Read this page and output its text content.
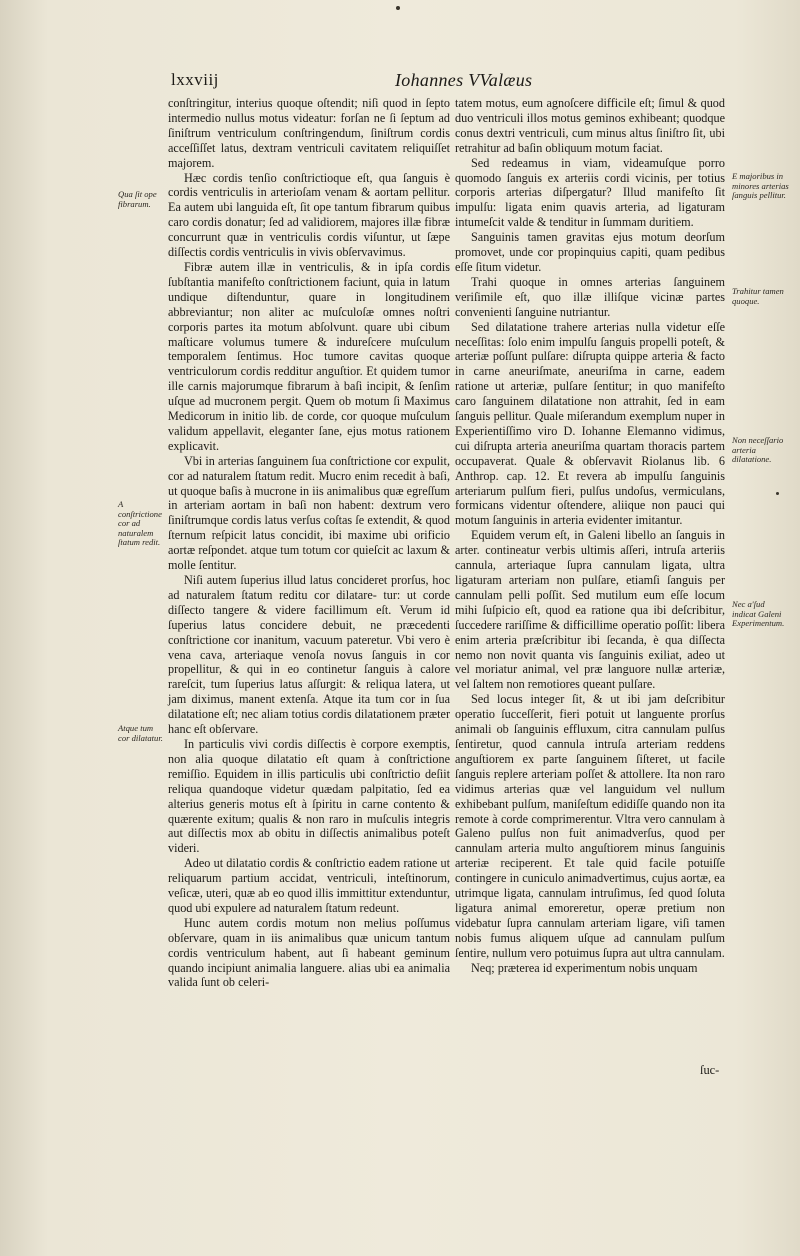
lxxviij	Iohannes VValæus
Qua ſit ope fibrarum.
A conſtrictione cor ad naturalem ſtatum redit.
Atque tum cor dilatatur.

conſtringitur, interius quoque oſtendit; niſi quod in ſepto intermedio nullus motus videatur: forſan ne ſi ſeptum ad ſiniſtrum ventriculum conſtringendum, ſiniſtrum cordis acceſſiſſet latus, dextram ventriculi cavitatem reliquiſſet majorem.

Hæc cordis tenſio conſtrictioque eſt, qua ſanguis è cordis ventriculis in arterioſam venam & aortam pellitur. Ea autem ubi languida eſt, ſit ope tantum fibrarum quibus caro cordis donatur; ſed ad validiorem, majores illæ fibræ concurrunt quæ in ventriculis cordis viſuntur, ut ſæpe diſſectis cordis ventriculis in vivis obſervavimus.

Fibræ autem illæ in ventriculis, & in ipſa cordis ſubſtantia manifeſto conſtrictionem faciunt, quia in latum undique diſtenduntur, quare in longitudinem abbreviantur; non aliter ac muſculoſæ omnes noſtri corporis partes ita motum abſolvunt. quare ubi cibum maſticare volumus tumere & indureſcere muſculum temporalem ſentimus. Hoc tumore cavitas quoque ventriculorum cordis redditur anguſtior. Et quidem tumor ille carnis majorumque fibrarum à baſi incipit, & ſenſim uſque ad mucronem pergit. Quem ob motum ſi Maximus Medicorum in initio lib. de corde, cor quoque muſculum validum appellavit, eleganter ſane, ejus motus rationem explicavit.

Vbi in arterias ſanguinem ſua conſtrictione cor expulit, cor ad naturalem ſtatum redit. Mucro enim recedit à baſi, ut quoque baſis à mucrone in iis animalibus quæ egreſſum in arteriam aortam in baſi non habent: dextrum vero ſiniſtrumque cordis latus verſus coſtas ſe extendit, & quod ſternum reſpicit latus concidit, ibi maxime ubi orificio aortæ reſpondet. atque tum totum cor quieſcit ac laxum & molle ſentitur.

Niſi autem ſuperius illud latus concideret prorſus, hoc ad naturalem ſtatum reditu cor dilatare- tur: ut corde diſſecto tangere & videre facillimum eſt. Verum id ſuperius latus concidere debuit, ne præcedenti conſtrictione cor inanitum, vacuum pateretur. Vbi vero è vena cava, arteriaque venoſa novus ſanguis in cor propellitur, & qui in eo continetur ſanguis à calore rareſcit, tum ſuperius latus aſſurgit: & reliqua latera, ut jam diximus, manent extenſa. Atque ita tum cor in ſua dilatatione eſt; nec aliam totius cordis dilatationem præter hanc eſt obſervare.

In particulis vivi cordis diſſectis è corpore exemptis, non alia quoque dilatatio eſt quam à conſtrictione remiſſio. Equidem in illis particulis ubi conſtrictio deſiit reliqua quandoque videtur quædam palpitatio, ſed ea alterius generis motus eſt à ſpiritu in carne contento & quærente exitum; qualis & non raro in muſculis integris aut diſſectis mox ab obitu in diſſectis animalibus poteſt videri.

Adeo ut dilatatio cordis & conſtrictio eadem ratione ut reliquarum partium accidat, ventriculi, inteſtinorum, veſicæ, uteri, quæ ab eo quod illis immittitur extenduntur, quod ubi expulere ad naturalem ſtatum redeunt.

Hunc autem cordis motum non melius poſſumus obſervare, quam in iis animalibus quæ unicum tantum cordis ventriculum habent, aut ſi habeant geminum quando incipiunt animalia languere. alias ubi ea animalia valida ſunt ob celeri-

tatem motus, eum agnoſcere difficile eſt; ſimul & quod duo ventriculi illos motus geminos exhibeant; quodque conus dextri ventriculi, cum minus altus ſiniſtro ſit, ubi retrahitur ad baſin obliquum motum faciat.

Sed redeamus in viam, videamuſque porro quomodo ſanguis ex arteriis cordi vicinis, per totius corporis arterias diſpergatur? Illud manifeſto ſit impulſu: ligata enim quavis arteria, ad ligaturam intumeſcit valde & tenditur in ſummam duritiem.

Sanguinis tamen gravitas ejus motum deorſum promovet, unde cor propinquius capiti, quam pedibus eſſe ſitum videtur.

Trahi quoque in omnes arterias ſanguinem veriſimile eſt, quo illæ illiſque vicinæ partes convenienti ſanguine nutriantur.

Sed dilatatione trahere arterias nulla videtur eſſe neceſſitas: ſolo enim impulſu ſanguis propelli poteſt, & arteriæ poſſunt pulſare: diſrupta quippe arteria & facto in carne aneuriſmate, aneuriſma in carne, eadem ratione ut arteriæ, pulſare ſentitur; in quo manifeſto caro ſanguinem dilatatione non attrahit, ſed in eam ſanguis pellitur. Quale miſerandum exemplum nuper in Experientiſſimo viro D. Iohanne Elemanno vidimus, cui diſrupta arteria aneuriſma quartam thoracis partem occupaverat. Quale & obſervavit Riolanus lib. 6 Anthrop. cap. 12. Et revera ab impulſu ſanguinis arteriarum pulſum fieri, pulſus undoſus, vermiculans, formicans videntur oſtendere, aliique non pauci qui motum ſanguinis in arteria evidenter imitantur.

Equidem verum eſt, in Galeni libello an ſanguis in arter. contineatur verbis ultimis aſſeri, intruſa arteriis cannula, arteriaque ſupra cannulam ligata, ultra ligaturam arteriam non pulſare, etiamſi ſanguis per cannulam pelli poſſit. Sed mutilum eum eſſe locum mihi ſuſpicio eſt, quod ea ratione qua ibi deſcribitur, ſuccedere rariſſime & difficillime operatio poſſit: libera enim arteria præſcribitur ibi ſecanda, è qua diſſecta nemo non novit quanta vis ſanguinis exiliat, adeo ut vel moriatur animal, vel præ languore nullæ arteriæ, vel ſaltem non remotiores queant pulſare.

Sed locus integer ſit, & ut ibi jam deſcribitur operatio ſucceſſerit, fieri potuit ut languente prorſus animali ob ſanguinis effluxum, citra cannulam pulſus ſentiretur, quod cannula intruſa arteriam reddens anguſtiorem ex parte ſanguinem ſiſteret, ut facile ſanguis replere arteriam poſſet & attollere. Ita non raro vidimus arterias quæ vel languidum vel nullum exhibebant pulſum, maniſeſtum edidiſſe quando non ita remote à corde comprimerentur. Vltra vero cannulam à Galeno pulſus non fuit animadverſus, quod per cannulam arteria multo anguſtiorem minus ſanguinis arteriæ reciperent. Et tale quid facile potuiſſe contingere in cuniculo animadvertimus, cujus aortæ, ea utrimque ligata, cannulam intruſimus, ſed quod ſoluta ligatura animal emoreretur, operæ pretium non videbatur ſupra cannulam arteriam ligare, viſi tamen nobis fumus aliquem uſque ad cannulam pulſum ſentire, nullum vero potuimus ſupra aut ultra cannulam.

Neq; præterea id experimentum nobis unquam

E majoribus in minores arterias ſanguis pellitur.
Trahitur tamen quoque.
Non neceſſario arteria dilatatione.
Nec a'ſud indicat Galeni Experimentum.
ſuc-
